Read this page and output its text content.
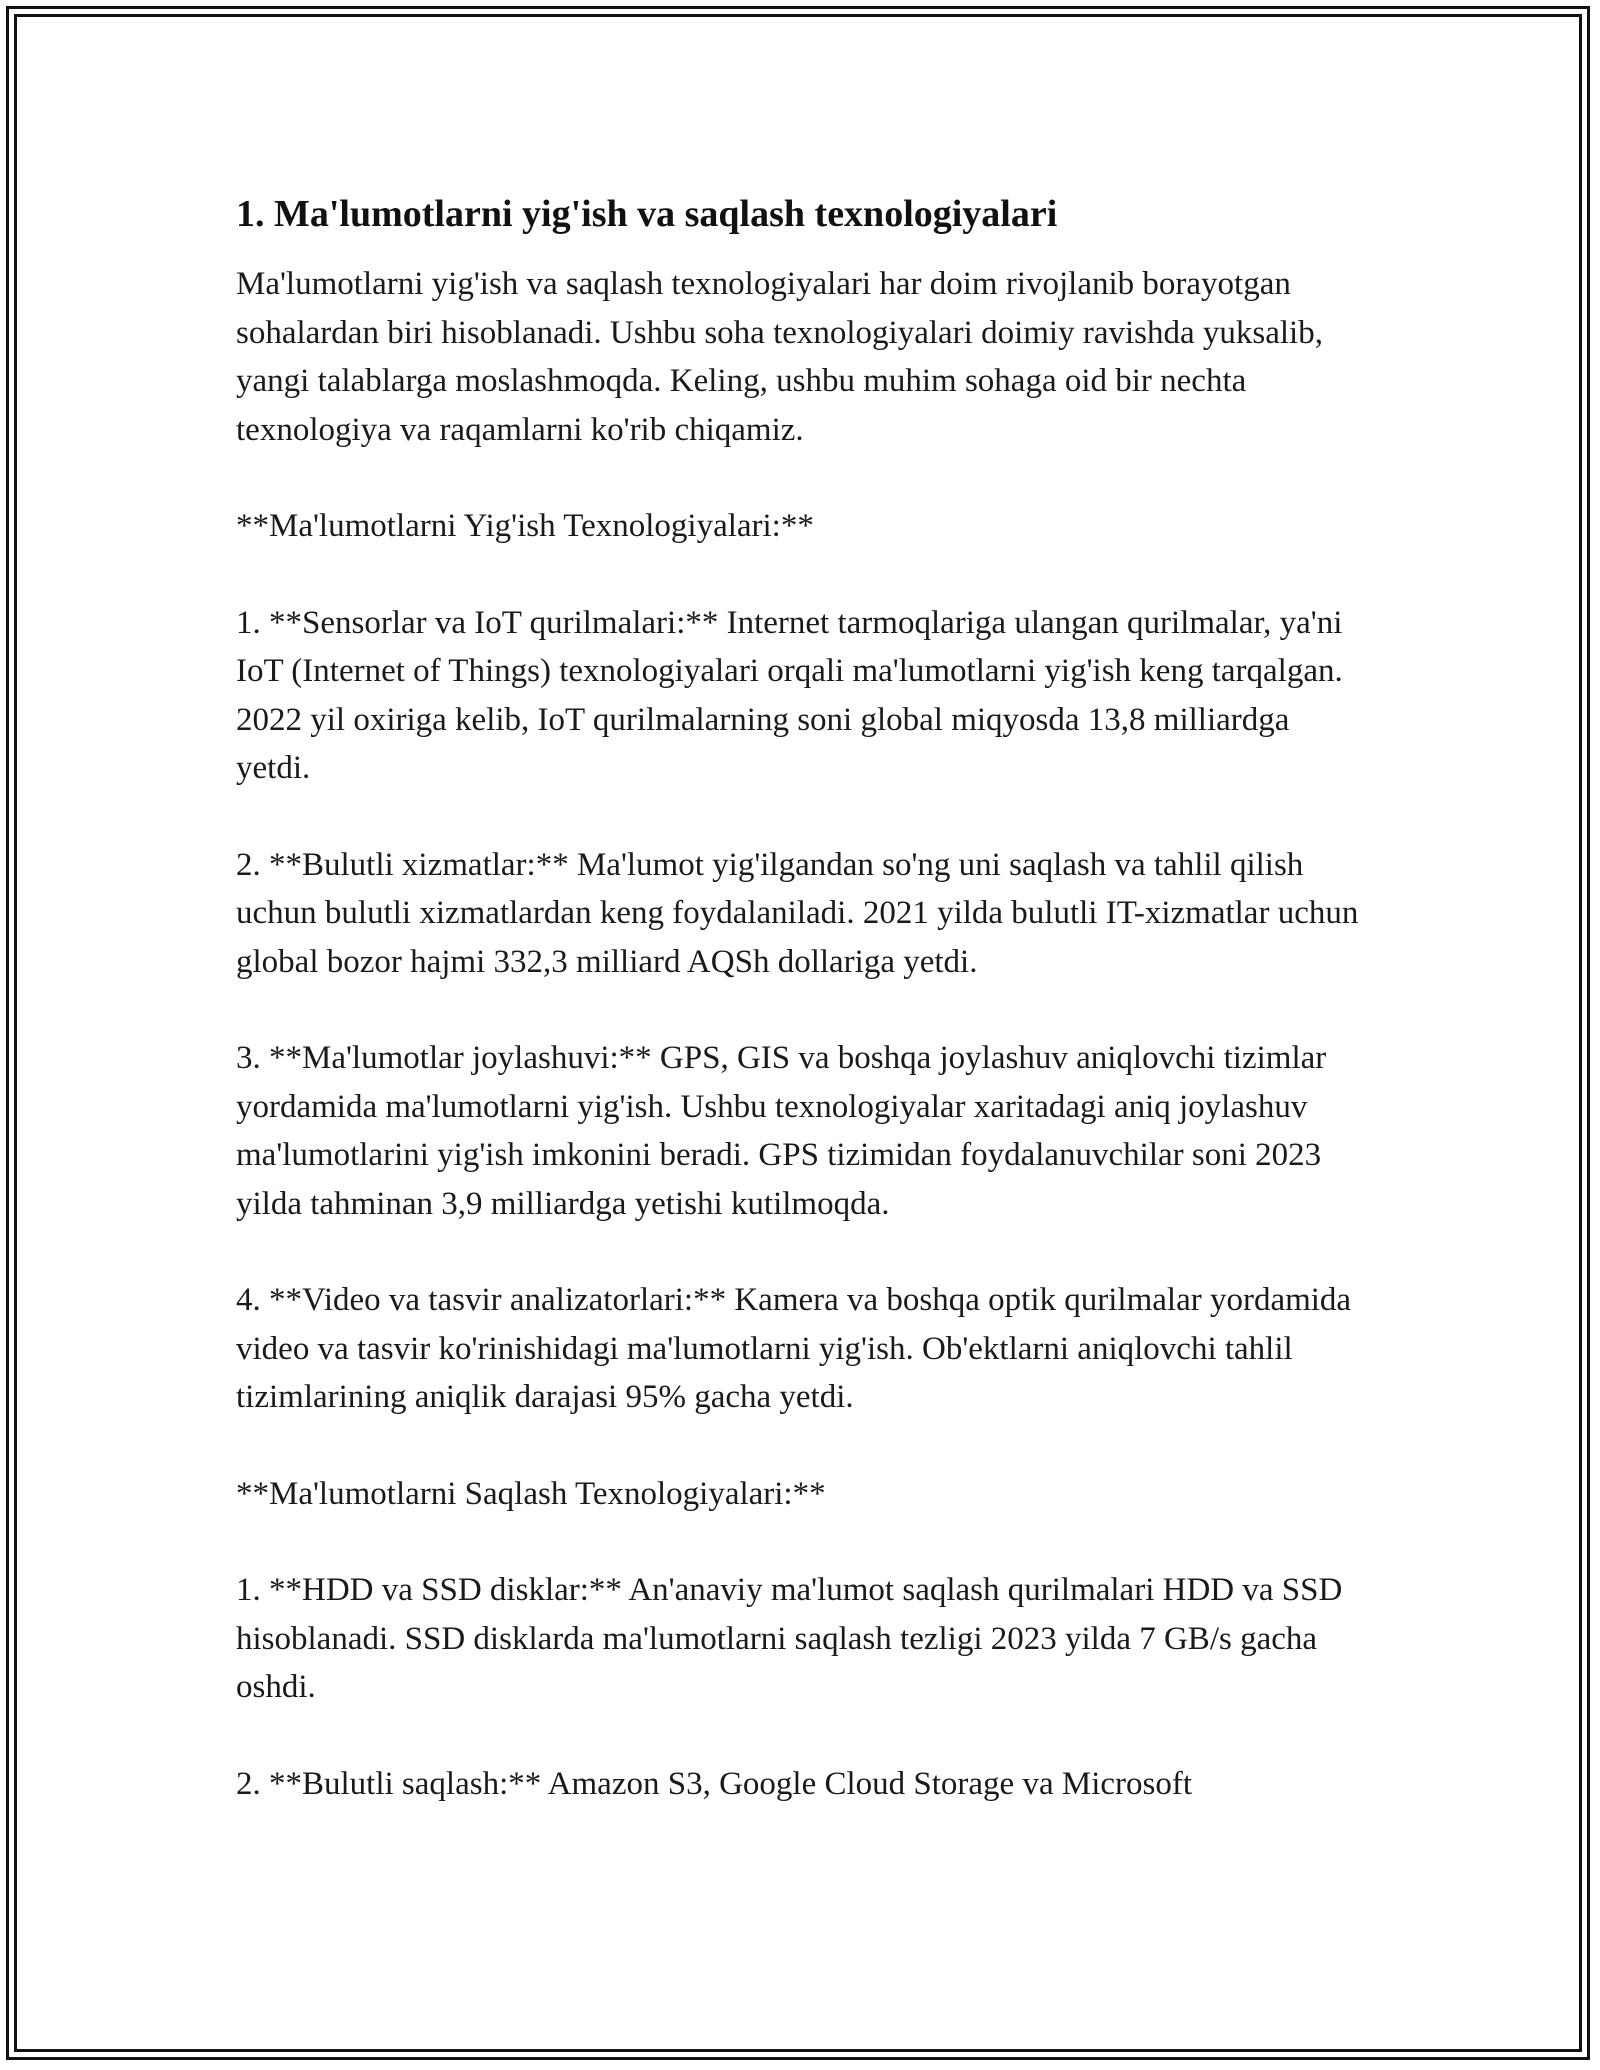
1. Ma'lumotlarni yig'ish va saqlash texnologiyalari

Ma'lumotlarni yig'ish va saqlash texnologiyalari har doim rivojlanib borayotgan sohalardan biri hisoblanadi. Ushbu soha texnologiyalari doimiy ravishda yuksalib, yangi talablarga moslashmoqda. Keling, ushbu muhim sohaga oid bir nechta texnologiya va raqamlarni ko'rib chiqamiz.

**Ma'lumotlarni Yig'ish Texnologiyalari:**

1. **Sensorlar va IoT qurilmalari:** Internet tarmoqlariga ulangan qurilmalar, ya'ni IoT (Internet of Things) texnologiyalari orqali ma'lumotlarni yig'ish keng tarqalgan. 2022 yil oxiriga kelib, IoT qurilmalarning soni global miqyosda 13,8 milliardga yetdi.

2. **Bulutli xizmatlar:** Ma'lumot yig'ilgandan so'ng uni saqlash va tahlil qilish uchun bulutli xizmatlardan keng foydalaniladi. 2021 yilda bulutli IT-xizmatlar uchun global bozor hajmi 332,3 milliard AQSh dollariga yetdi.

3. **Ma'lumotlar joylashuvi:** GPS, GIS va boshqa joylashuv aniqlovchi tizimlar yordamida ma'lumotlarni yig'ish. Ushbu texnologiyalar xaritadagi aniq joylashuv ma'lumotlarini yig'ish imkonini beradi. GPS tizimidan foydalanuvchilar soni 2023 yilda tahminan 3,9 milliardga yetishi kutilmoqda.

4. **Video va tasvir analizatorlari:** Kamera va boshqa optik qurilmalar yordamida video va tasvir ko'rinishidagi ma'lumotlarni yig'ish. Ob'ektlarni aniqlovchi tahlil tizimlarining aniqlik darajasi 95% gacha yetdi.

**Ma'lumotlarni Saqlash Texnologiyalari:**

1. **HDD va SSD disklar:** An'anaviy ma'lumot saqlash qurilmalari HDD va SSD hisoblanadi. SSD disklarda ma'lumotlarni saqlash tezligi 2023 yilda 7 GB/s gacha oshdi.

2. **Bulutli saqlash:** Amazon S3, Google Cloud Storage va Microsoft
